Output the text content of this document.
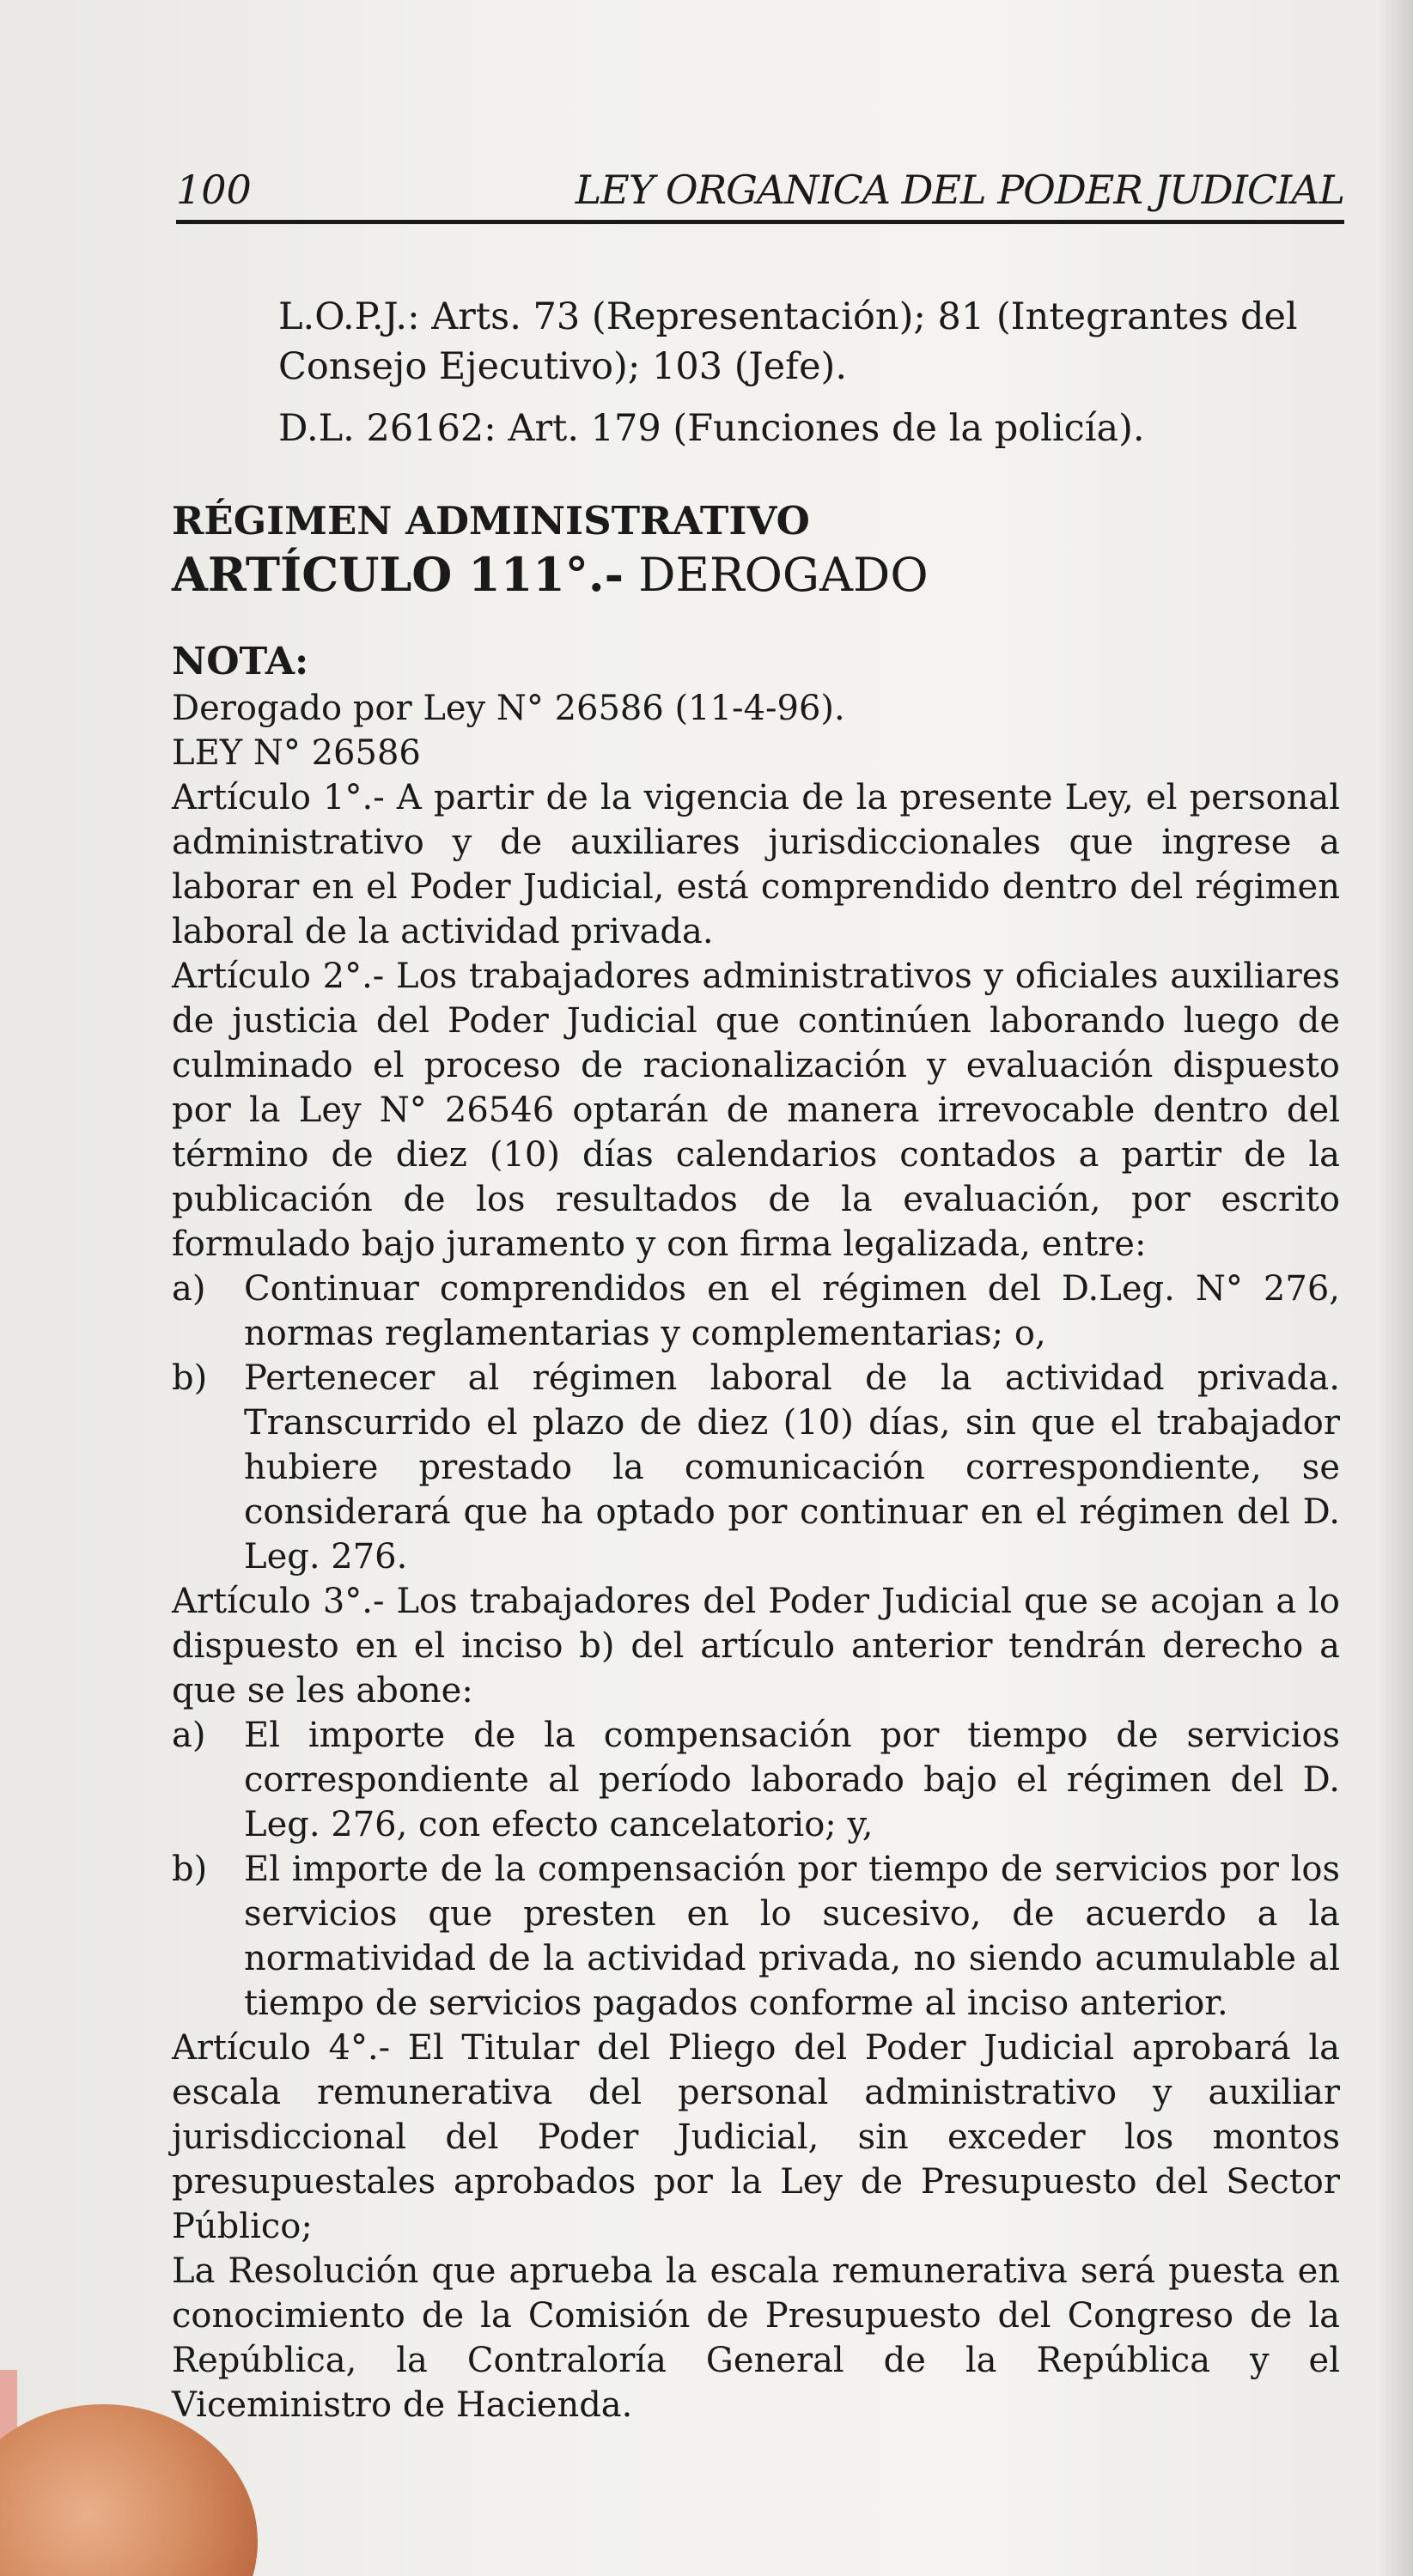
100	LEY ORGANICA DEL PODER JUDICIAL

L.O.P.J.: Arts. 73 (Representación); 81 (Integrantes del Consejo Ejecutivo); 103 (Jefe).

D.L. 26162: Art. 179 (Funciones de la policía).

RÉGIMEN ADMINISTRATIVO

ARTÍCULO 111°.- DEROGADO

NOTA:

Derogado por Ley N° 26586 (11-4-96).

LEY N° 26586

Artículo 1°.- A partir de la vigencia de la presente Ley, el personal administrativo y de auxiliares jurisdiccionales que ingrese a laborar en el Poder Judicial, está comprendido dentro del régimen laboral de la actividad privada.

Artículo 2°.- Los trabajadores administrativos y oficiales auxiliares de justicia del Poder Judicial que continúen laborando luego de culminado el proceso de racionalización y evaluación dispuesto por la Ley N° 26546 optarán de manera irrevocable dentro del término de diez (10) días calendarios contados a partir de la publicación de los resultados de la evaluación, por escrito formulado bajo juramento y con firma legalizada, entre:

a)	Continuar comprendidos en el régimen del D.Leg. N° 276, normas reglamentarias y complementarias; o,
b)	Pertenecer al régimen laboral de la actividad privada. Transcurrido el plazo de diez (10) días, sin que el trabajador hubiere prestado la comunicación correspondiente, se considerará que ha optado por continuar en el régimen del D. Leg. 276.

Artículo 3°.- Los trabajadores del Poder Judicial que se acojan a lo dispuesto en el inciso b) del artículo anterior tendrán derecho a que se les abone:

a)	El importe de la compensación por tiempo de servicios correspondiente al período laborado bajo el régimen del D. Leg. 276, con efecto cancelatorio; y,
b)	El importe de la compensación por tiempo de servicios por los servicios que presten en lo sucesivo, de acuerdo a la normatividad de la actividad privada, no siendo acumulable al tiempo de servicios pagados conforme al inciso anterior.

Artículo 4°.- El Titular del Pliego del Poder Judicial aprobará la escala remunerativa del personal administrativo y auxiliar jurisdiccional del Poder Judicial, sin exceder los montos presupuestales aprobados por la Ley de Presupuesto del Sector Público;

La Resolución que aprueba la escala remunerativa será puesta en conocimiento de la Comisión de Presupuesto del Congreso de la República, la Contraloría General de la República y el Viceministro de Hacienda.
